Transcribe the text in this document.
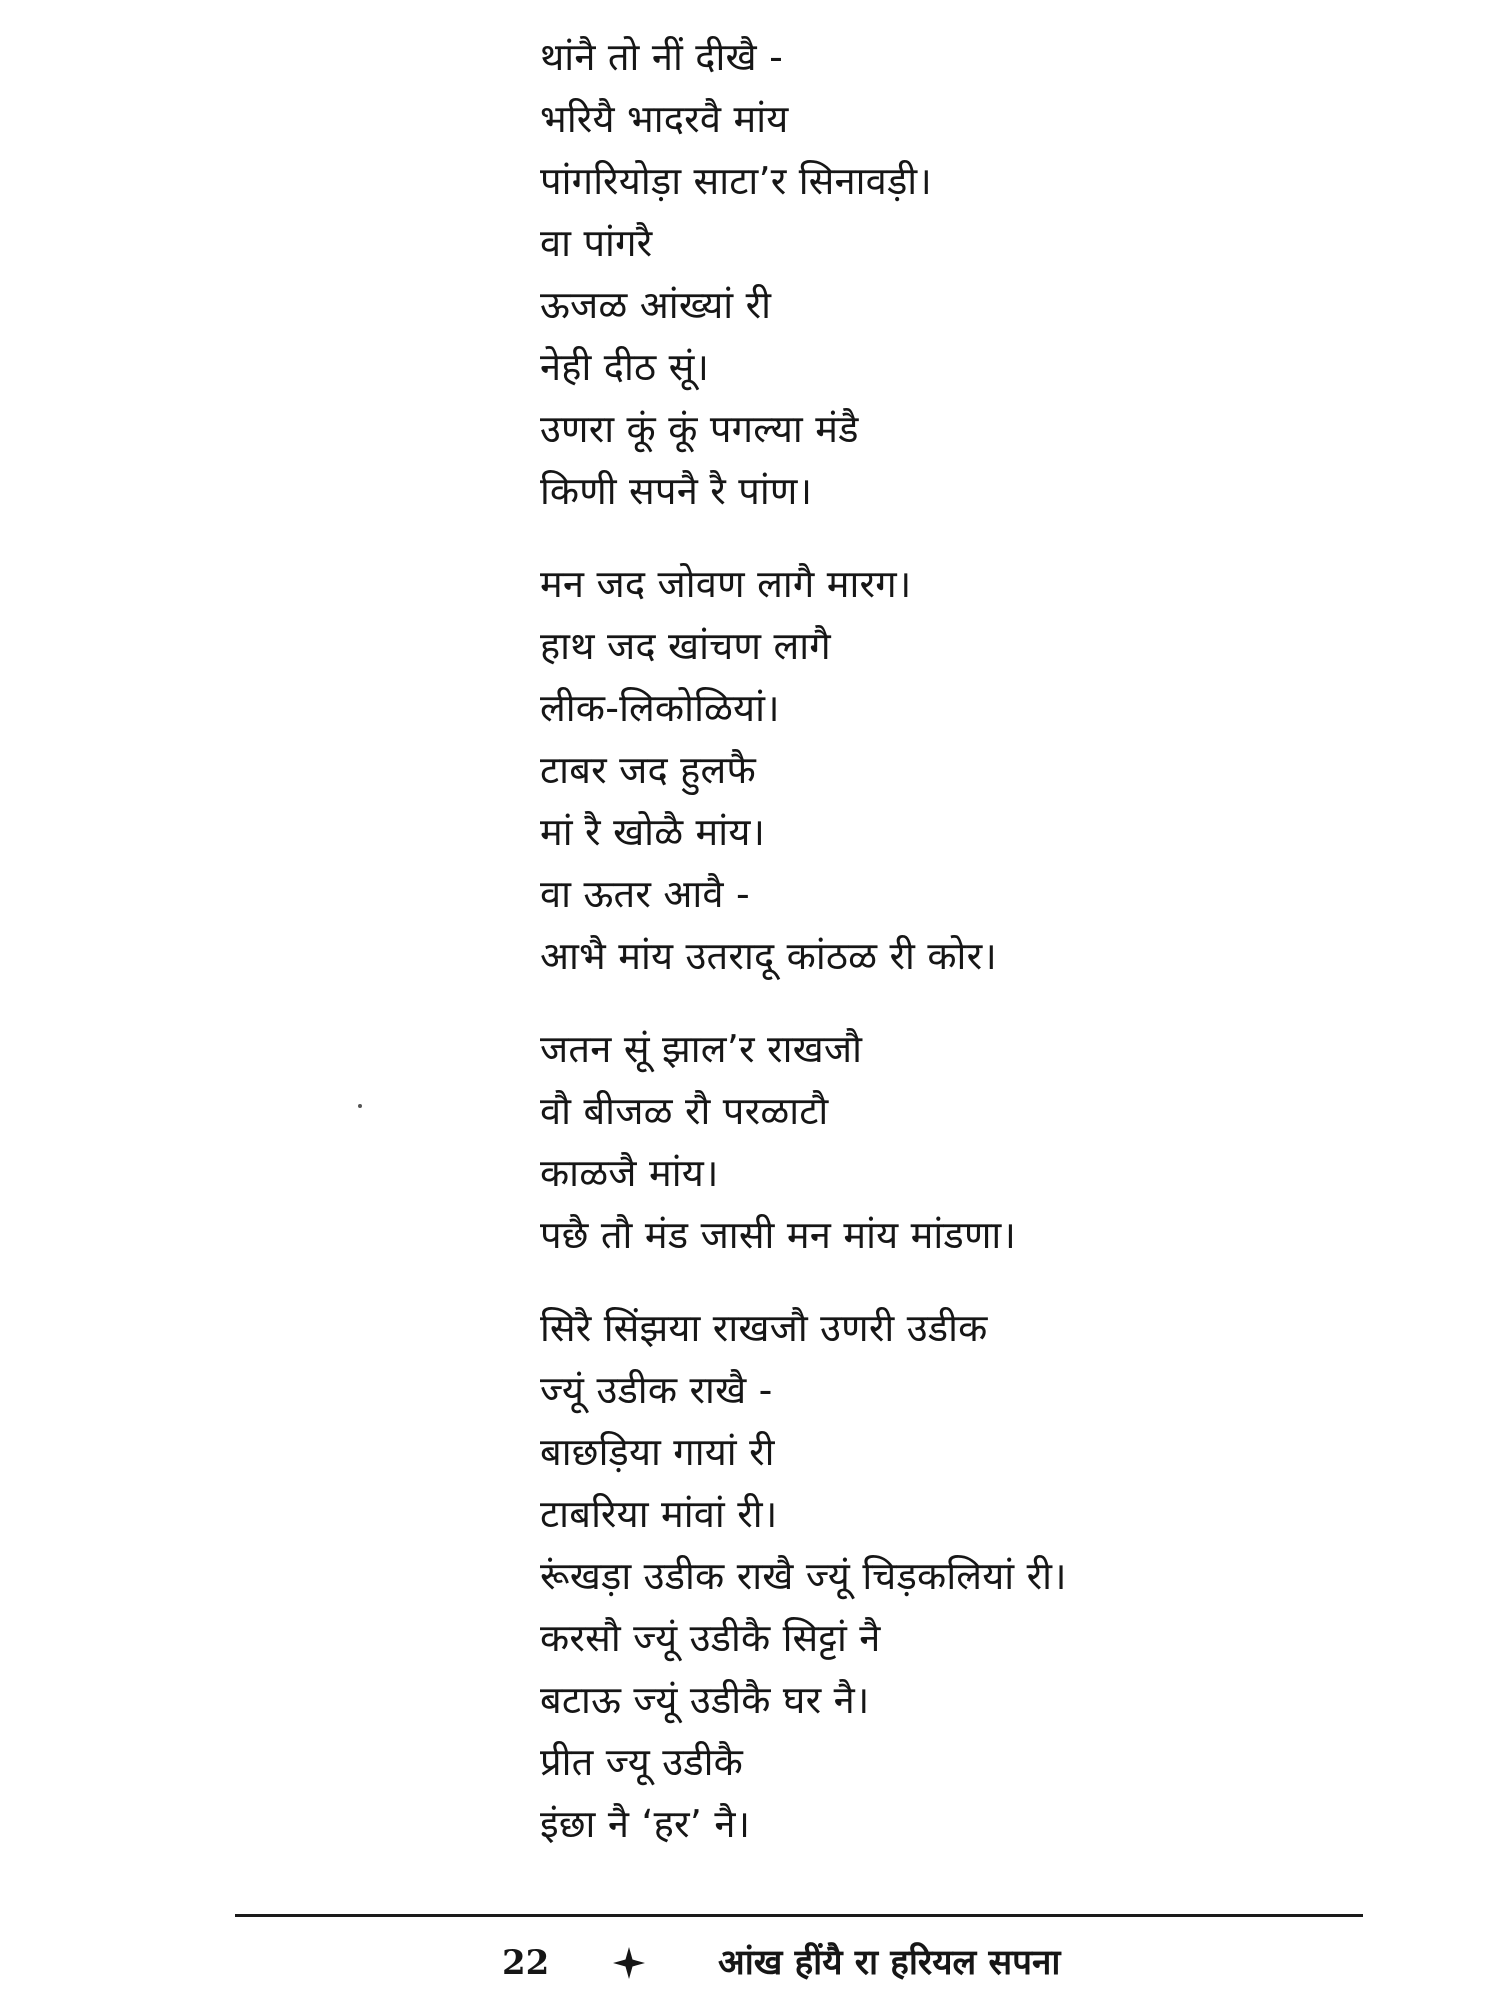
थांनै तो नीं दीखै -
भरियै भादरवै मांय
पांगरियोड़ा साटा’र सिनावड़ी।
वा पांगरै
ऊजळ आंख्यां री
नेही दीठ सूं।
उणरा कूं कूं पगल्या मंडै
किणी सपनै रै पांण।
मन जद जोवण लागै मारग।
हाथ जद खांचण लागै
लीक-लिकोळियां।
टाबर जद हुलफै
मां रै खोळै मांय।
वा ऊतर आवै -
आभै मांय उतरादू कांठळ री कोर।
जतन सूं झाल’र राखजौ
वौ बीजळ रौ परळाटौ
काळजै मांय।
पछै तौ मंड जासी मन मांय मांडणा।
सिरै सिंझया राखजौ उणरी उडीक
ज्यूं उडीक राखै -
बाछड़िया गायां री
टाबरिया मांवां री।
रूंखड़ा उडीक राखै ज्यूं चिड़कलियां री।
करसौ ज्यूं उडीकै सिट्टां नै
बटाऊ ज्यूं उडीकै घर नै।
प्रीत ज्यू उडीकै
इंछा नै ‘हर’ नै।
22	आंख हींयै रा हरियल सपना
